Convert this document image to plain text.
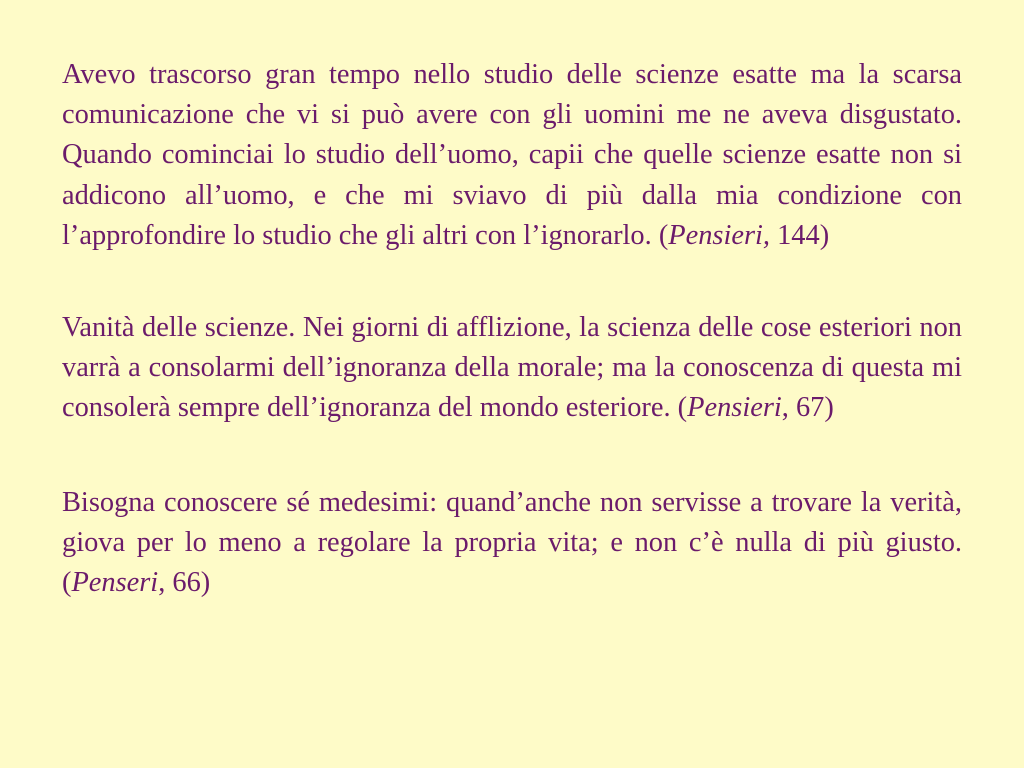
Avevo trascorso gran tempo nello studio delle scienze esatte ma la scarsa comunicazione che vi si può avere con gli uomini me ne aveva disgustato. Quando cominciai lo studio dell’uomo, capii che quelle scienze esatte non si addicono all’uomo, e che mi sviavo di più dalla mia condizione con l’approfondire lo studio che gli altri con l’ignorarlo. (Pensieri, 144)

Vanità delle scienze. Nei giorni di afflizione, la scienza delle cose esteriori non varrà a consolarmi dell’ignoranza della morale; ma la conoscenza di questa mi consolerà sempre dell’ignoranza del mondo esteriore. (Pensieri, 67)

Bisogna conoscere sé medesimi: quand’anche non servisse a trovare la verità, giova per lo meno a regolare la propria vita; e non c’è nulla di più giusto. (Penseri, 66)
